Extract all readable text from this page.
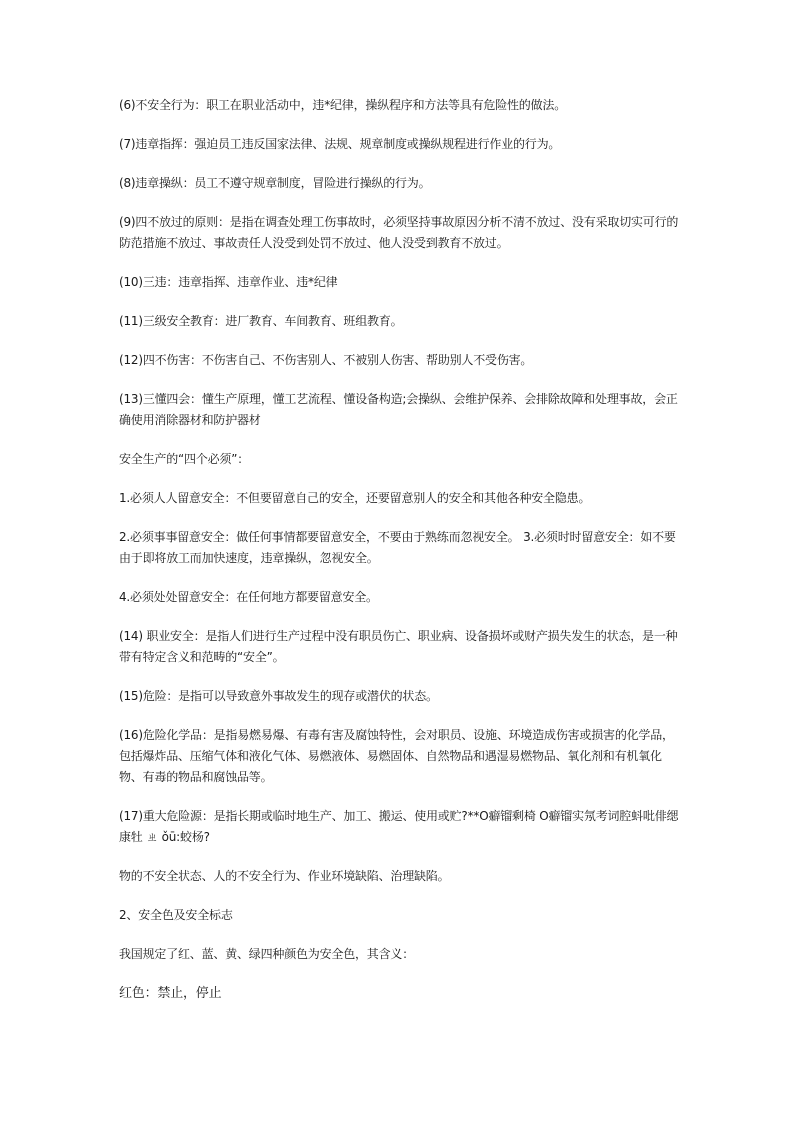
(6)不安全行为：职工在职业活动中，违*纪律，操纵程序和方法等具有危险性的做法。

(7)违章指挥：强迫员工违反国家法律、法规、规章制度或操纵规程进行作业的行为。

(8)违章操纵：员工不遵守规章制度，冒险进行操纵的行为。

(9)四不放过的原则：是指在调查处理工伤事故时，必须坚持事故原因分析不清不放过、没有采取切实可行的防范措施不放过、事故责任人没受到处罚不放过、他人没受到教育不放过。

(10)三违：违章指挥、违章作业、违*纪律

(11)三级安全教育：进厂教育、车间教育、班组教育。

(12)四不伤害：不伤害自己、不伤害别人、不被别人伤害、帮助别人不受伤害。

(13)三懂四会：懂生产原理，懂工艺流程、懂设备构造;会操纵、会维护保养、会排除故障和处理事故，会正确使用消除器材和防护器材

安全生产的“四个必须”：

1.必须人人留意安全：不但要留意自己的安全，还要留意别人的安全和其他各种安全隐患。

2.必须事事留意安全：做任何事情都要留意安全，不要由于熟练而忽视安全。 3.必须时时留意安全：如不要由于即将放工而加快速度，违章操纵，忽视安全。

4.必须处处留意安全：在任何地方都要留意安全。

(14) 职业安全：是指人们进行生产过程中没有职员伤亡、职业病、设备损坏或财产损失发生的状态，是一种带有特定含义和范畴的“安全”。

(15)危险：是指可以导致意外事故发生的现存或潜伏的状态。

(16)危险化学品：是指易燃易爆、有毒有害及腐蚀特性，会对职员、设施、环境造成伤害或损害的化学品，包括爆炸品、压缩气体和液化气体、易燃液体、易燃固体、自然物品和遇湿易燃物品、氧化剂和有机氧化物、有毒的物品和腐蚀品等。

(17)重大危险源：是指长期或临时地生产、加工、搬运、使用或贮?**О癖镏剩椅 О癖镏实氖考词腔蚪吡俳缌康牡 ㄓ ǒū:蛟杨?

物的不安全状态、人的不安全行为、作业环境缺陷、治理缺陷。

2、安全色及安全标志

我国规定了红、蓝、黄、绿四种颜色为安全色，其含义：

红色：禁止，停止
